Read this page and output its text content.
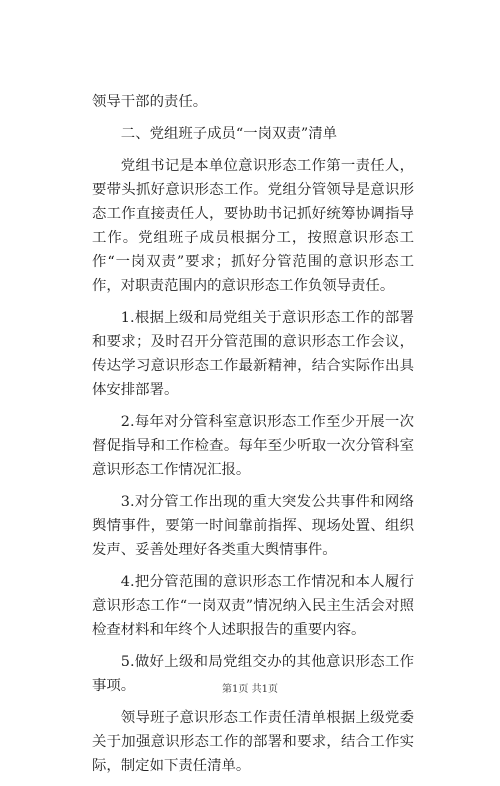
领导干部的责任。

二、党组班子成员“一岗双责”清单

党组书记是本单位意识形态工作第一责任人，要带头抓好意识形态工作。党组分管领导是意识形态工作直接责任人，要协助书记抓好统筹协调指导工作。党组班子成员根据分工，按照意识形态工作“一岗双责”要求；抓好分管范围的意识形态工作，对职责范围内的意识形态工作负领导责任。

1.根据上级和局党组关于意识形态工作的部署和要求；及时召开分管范围的意识形态工作会议，传达学习意识形态工作最新精神，结合实际作出具体安排部署。

2.每年对分管科室意识形态工作至少开展一次督促指导和工作检查。每年至少听取一次分管科室意识形态工作情况汇报。

3.对分管工作出现的重大突发公共事件和网络舆情事件，要第一时间靠前指挥、现场处置、组织发声、妥善处理好各类重大舆情事件。

4.把分管范围的意识形态工作情况和本人履行意识形态工作“一岗双责”情况纳入民主生活会对照检查材料和年终个人述职报告的重要内容。

5.做好上级和局党组交办的其他意识形态工作事项。

领导班子意识形态工作责任清单根据上级党委关于加强意识形态工作的部署和要求，结合工作实际，制定如下责任清单。

第1页 共1页
